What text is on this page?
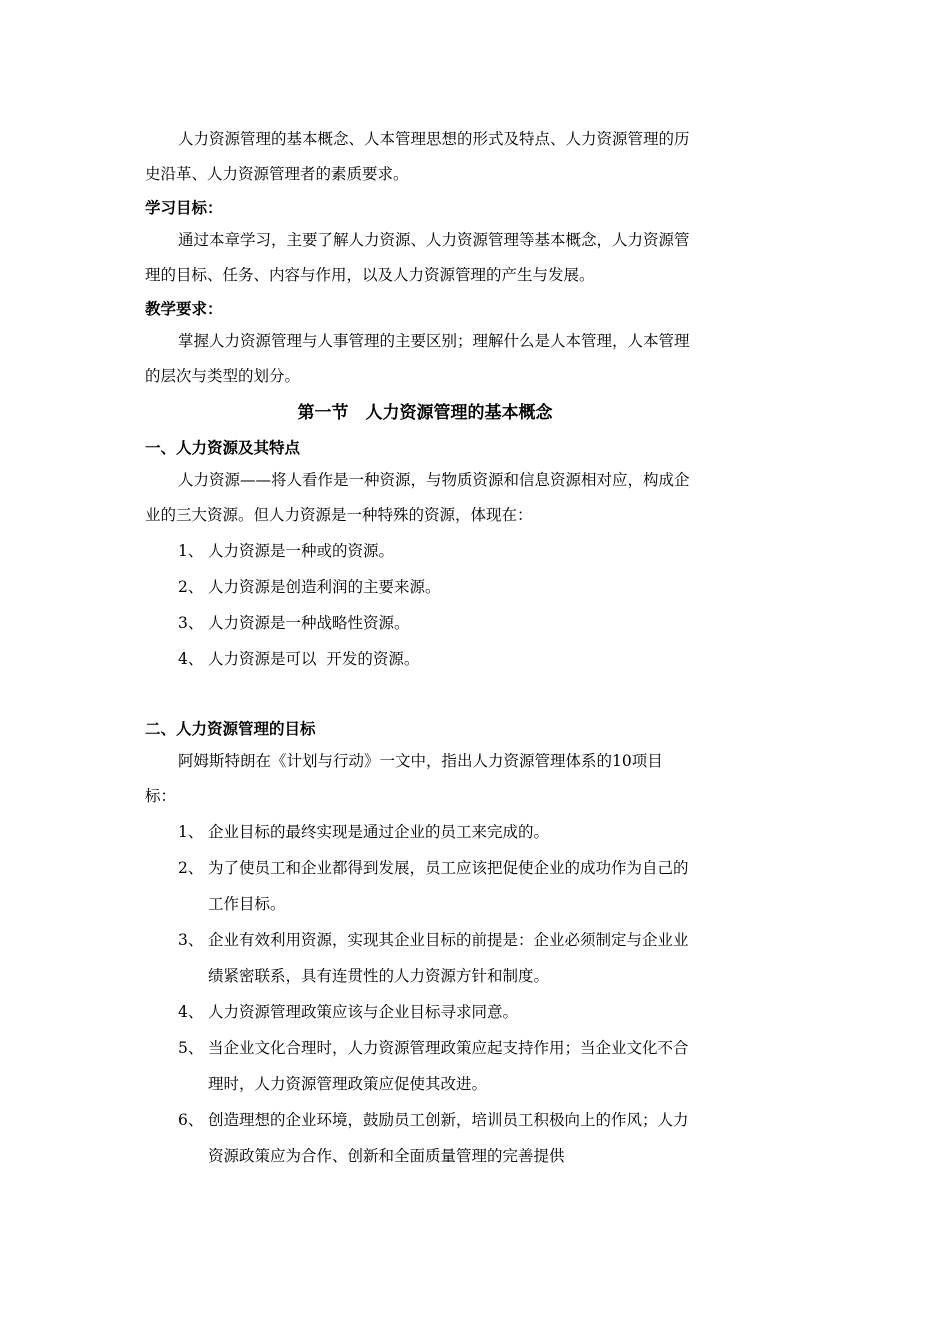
人力资源管理的基本概念、人本管理思想的形式及特点、人力资源管理的历史沿革、人力资源管理者的素质要求。

学习目标：

通过本章学习，主要了解人力资源、人力资源管理等基本概念，人力资源管理的目标、任务、内容与作用，以及人力资源管理的产生与发展。

教学要求：

掌握人力资源管理与人事管理的主要区别；理解什么是人本管理，人本管理的层次与类型的划分。

第一节　人力资源管理的基本概念

一、人力资源及其特点

人力资源——将人看作是一种资源，与物质资源和信息资源相对应，构成企业的三大资源。但人力资源是一种特殊的资源，体现在：

1、 人力资源是一种或的资源。
2、 人力资源是创造利润的主要来源。
3、 人力资源是一种战略性资源。
4、 人力资源是可以  开发的资源。

二、人力资源管理的目标

阿姆斯特朗在《计划与行动》一文中，指出人力资源管理体系的10项目标：

1、 企业目标的最终实现是通过企业的员工来完成的。
2、 为了使员工和企业都得到发展，员工应该把促使企业的成功作为自己的工作目标。
3、 企业有效利用资源，实现其企业目标的前提是：企业必须制定与企业业绩紧密联系，具有连贯性的人力资源方针和制度。
4、 人力资源管理政策应该与企业目标寻求同意。
5、 当企业文化合理时，人力资源管理政策应起支持作用；当企业文化不合理时，人力资源管理政策应促使其改进。
6、 创造理想的企业环境，鼓励员工创新，培训员工积极向上的作风；人力资源政策应为合作、创新和全面质量管理的完善提供
